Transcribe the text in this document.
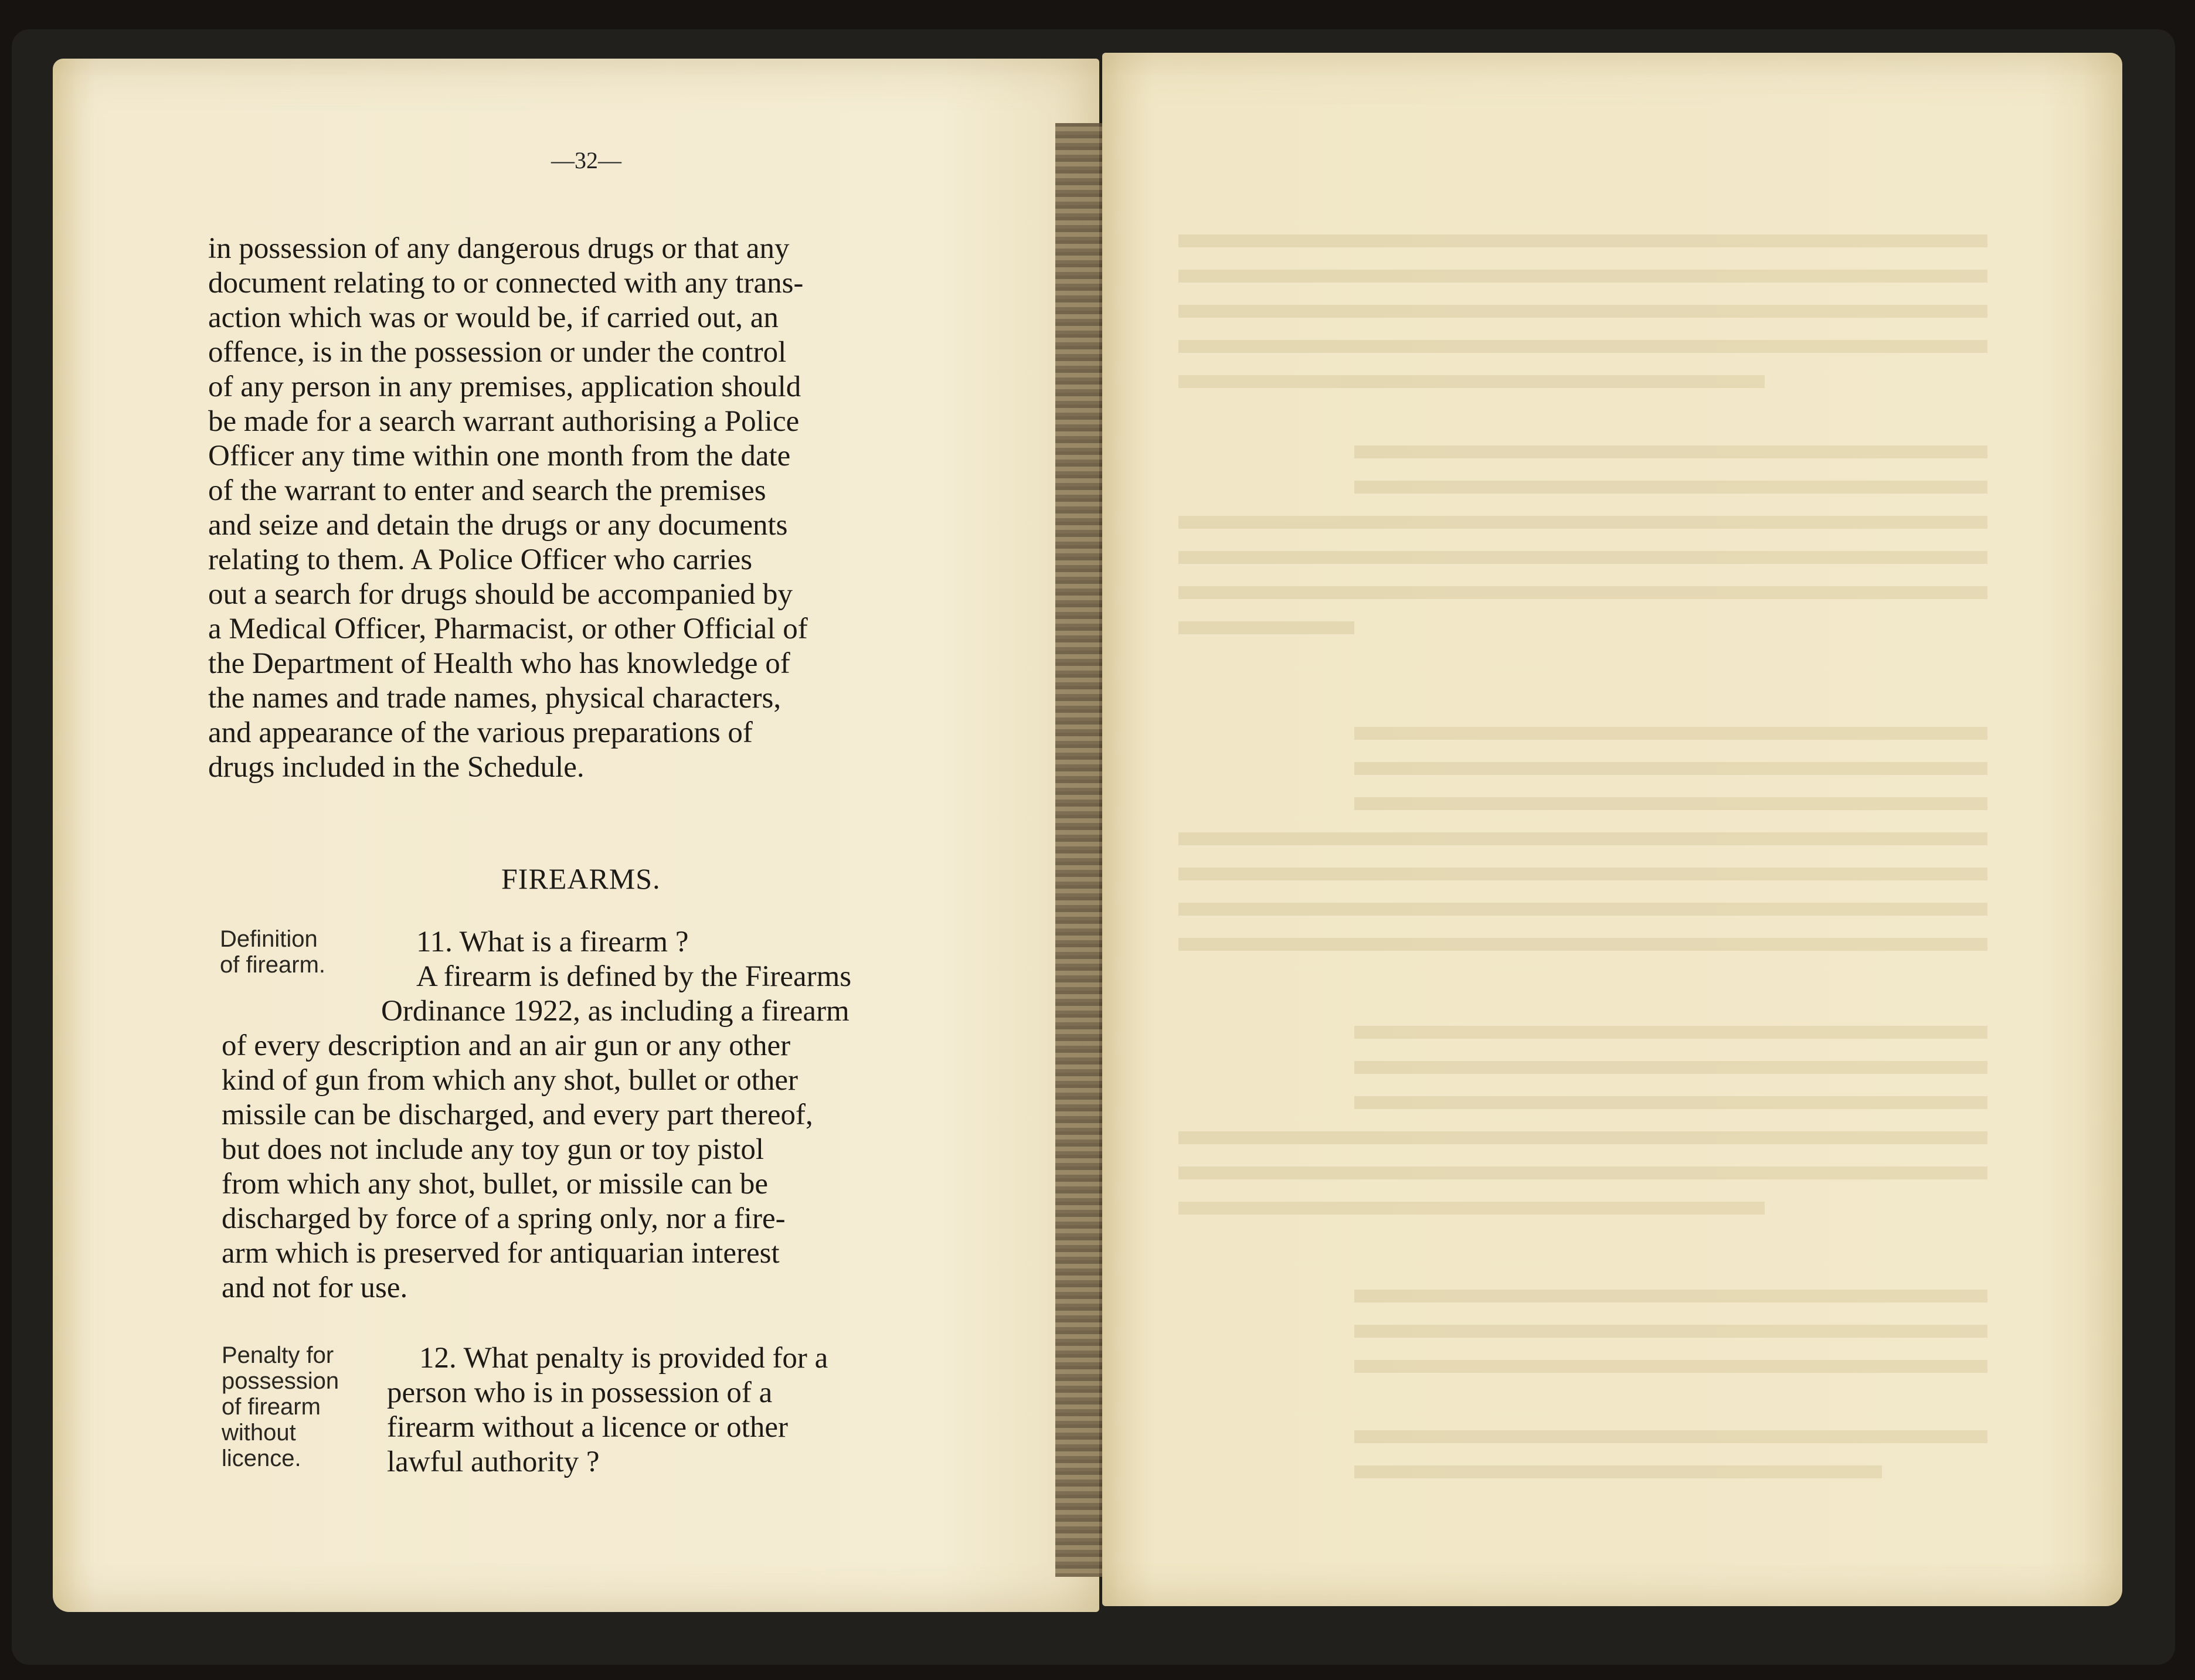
—32—
in possession of any dangerous drugs or that any
document relating to or connected with any trans-
action which was or would be, if carried out, an
offence, is in the possession or under the control
of any person in any premises, application should
be made for a search warrant authorising a Police
Officer any time within one month from the date
of the warrant to enter and search the premises
and seize and detain the drugs or any documents
relating to them. A Police Officer who carries
out a search for drugs should be accompanied by
a Medical Officer, Pharmacist, or other Official of
the Department of Health who has knowledge of
the names and trade names, physical characters,
and appearance of the various preparations of
drugs included in the Schedule.
FIREARMS.
Definition
of firearm.
11. What is a firearm ?
A firearm is defined by the Firearms
Ordinance 1922, as including a firearm
of every description and an air gun or any other
kind of gun from which any shot, bullet or other
missile can be discharged, and every part thereof,
but does not include any toy gun or toy pistol
from which any shot, bullet, or missile can be
discharged by force of a spring only, nor a fire-
arm which is preserved for antiquarian interest
and not for use.
Penalty for
possession
of firearm
without
licence.
12. What penalty is provided for a
person who is in possession of a
firearm without a licence or other
lawful authority ?
